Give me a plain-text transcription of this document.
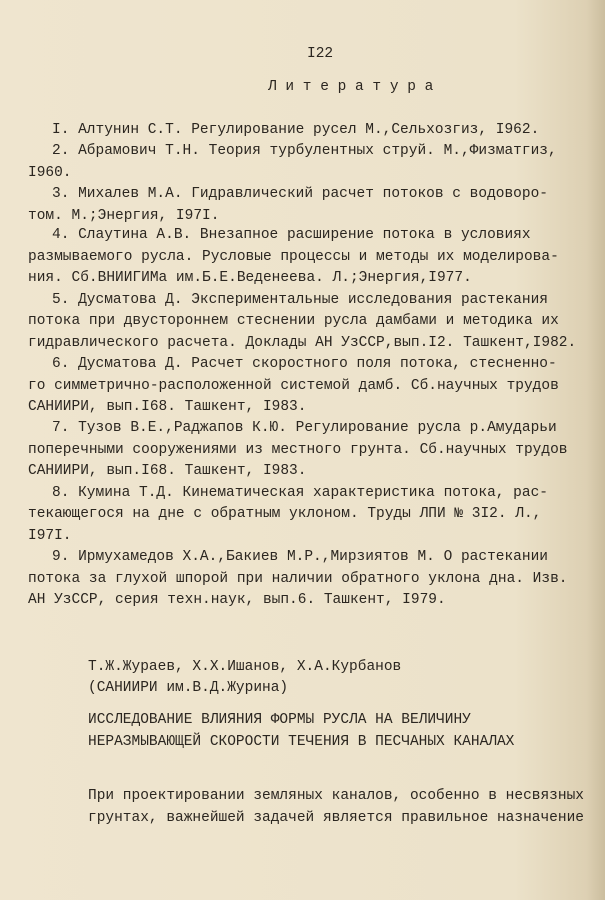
I22
Л и т е р а т у р а
I. Алтунин С.Т. Регулирование русел М.,Сельхозгиз, I962.
2. Абрамович Т.Н. Теория турбулентных струй. М.,Физматгиз,
I960.
3. Михалев М.А. Гидравлический расчет потоков с водоворо-
том. М.;Энергия, I97I.
4. Слаутина А.В. Внезапное расширение потока в условиях
размываемого русла. Русловые процессы и методы их моделирова-
ния. Сб.ВНИИГИМа им.Б.Е.Веденеева. Л.;Энергия,I977.
5. Дусматова Д. Экспериментальные исследования растекания
потока при двустороннем стеснении русла дамбами и методика их
гидравлического расчета. Доклады АН УзССР,вып.I2. Ташкент,I982.
6. Дусматова Д. Расчет скоростного поля потока, стесненно-
го симметрично-расположенной системой дамб. Сб.научных трудов
САНИИРИ, вып.I68. Ташкент, I983.
7. Тузов В.Е.,Раджапов К.Ю. Регулирование русла р.Амударьи
поперечными сооружениями из местного грунта. Сб.научных трудов
САНИИРИ, вып.I68. Ташкент, I983.
8. Кумина Т.Д. Кинематическая характеристика потока, рас-
текающегося на дне с обратным уклоном. Труды ЛПИ № 3I2. Л.,
I97I.
9. Ирмухамедов Х.А.,Бакиев М.Р.,Мирзиятов М. О растекании
потока за глухой шпорой при наличии обратного уклона дна. Изв.
АН УзССР, серия техн.наук, вып.6. Ташкент, I979.
Т.Ж.Жураев, Х.Х.Ишанов, Х.А.Курбанов
(САНИИРИ им.В.Д.Журина)
ИССЛЕДОВАНИЕ ВЛИЯНИЯ ФОРМЫ РУСЛА НА ВЕЛИЧИНУ
НЕРАЗМЫВАЮЩЕЙ СКОРОСТИ ТЕЧЕНИЯ В ПЕСЧАНЫХ КАНАЛАХ
При проектировании земляных каналов, особенно в несвязных
грунтах, важнейшей задачей является правильное назначение
